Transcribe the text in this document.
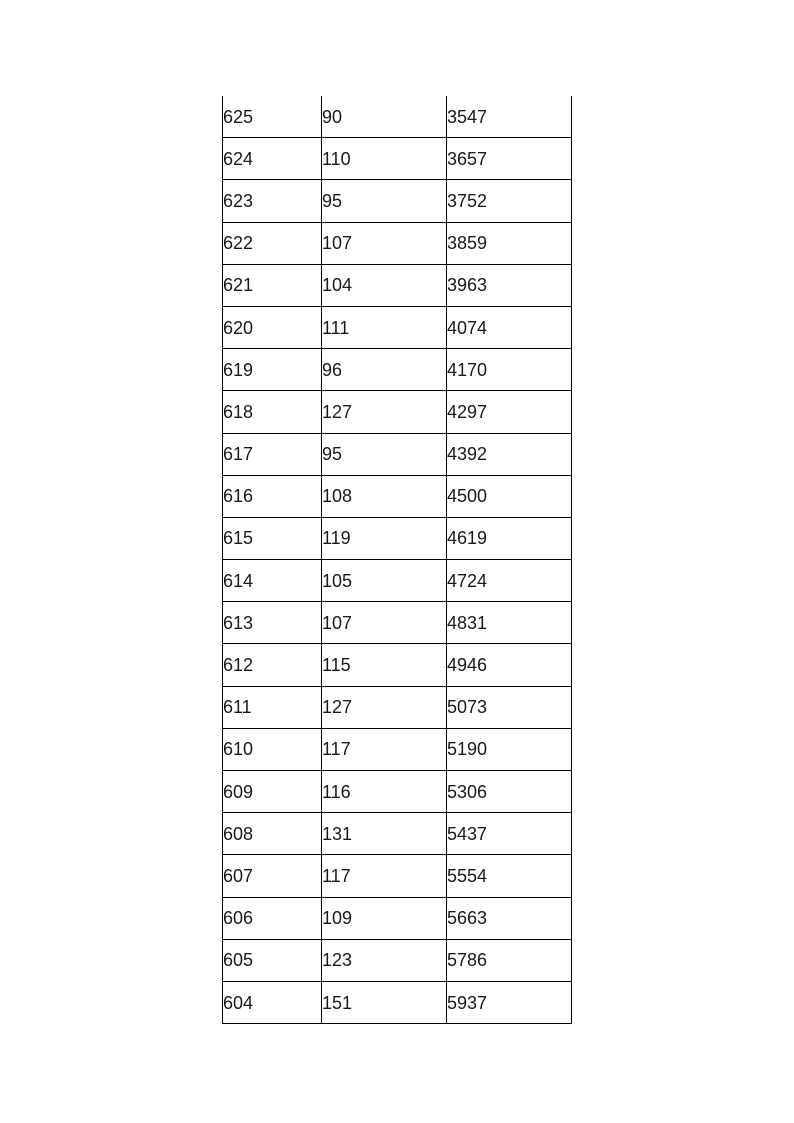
625	90	3547
624	110	3657
623	95	3752
622	107	3859
621	104	3963
620	111	4074
619	96	4170
618	127	4297
617	95	4392
616	108	4500
615	119	4619
614	105	4724
613	107	4831
612	115	4946
611	127	5073
610	117	5190
609	116	5306
608	131	5437
607	117	5554
606	109	5663
605	123	5786
604	151	5937
